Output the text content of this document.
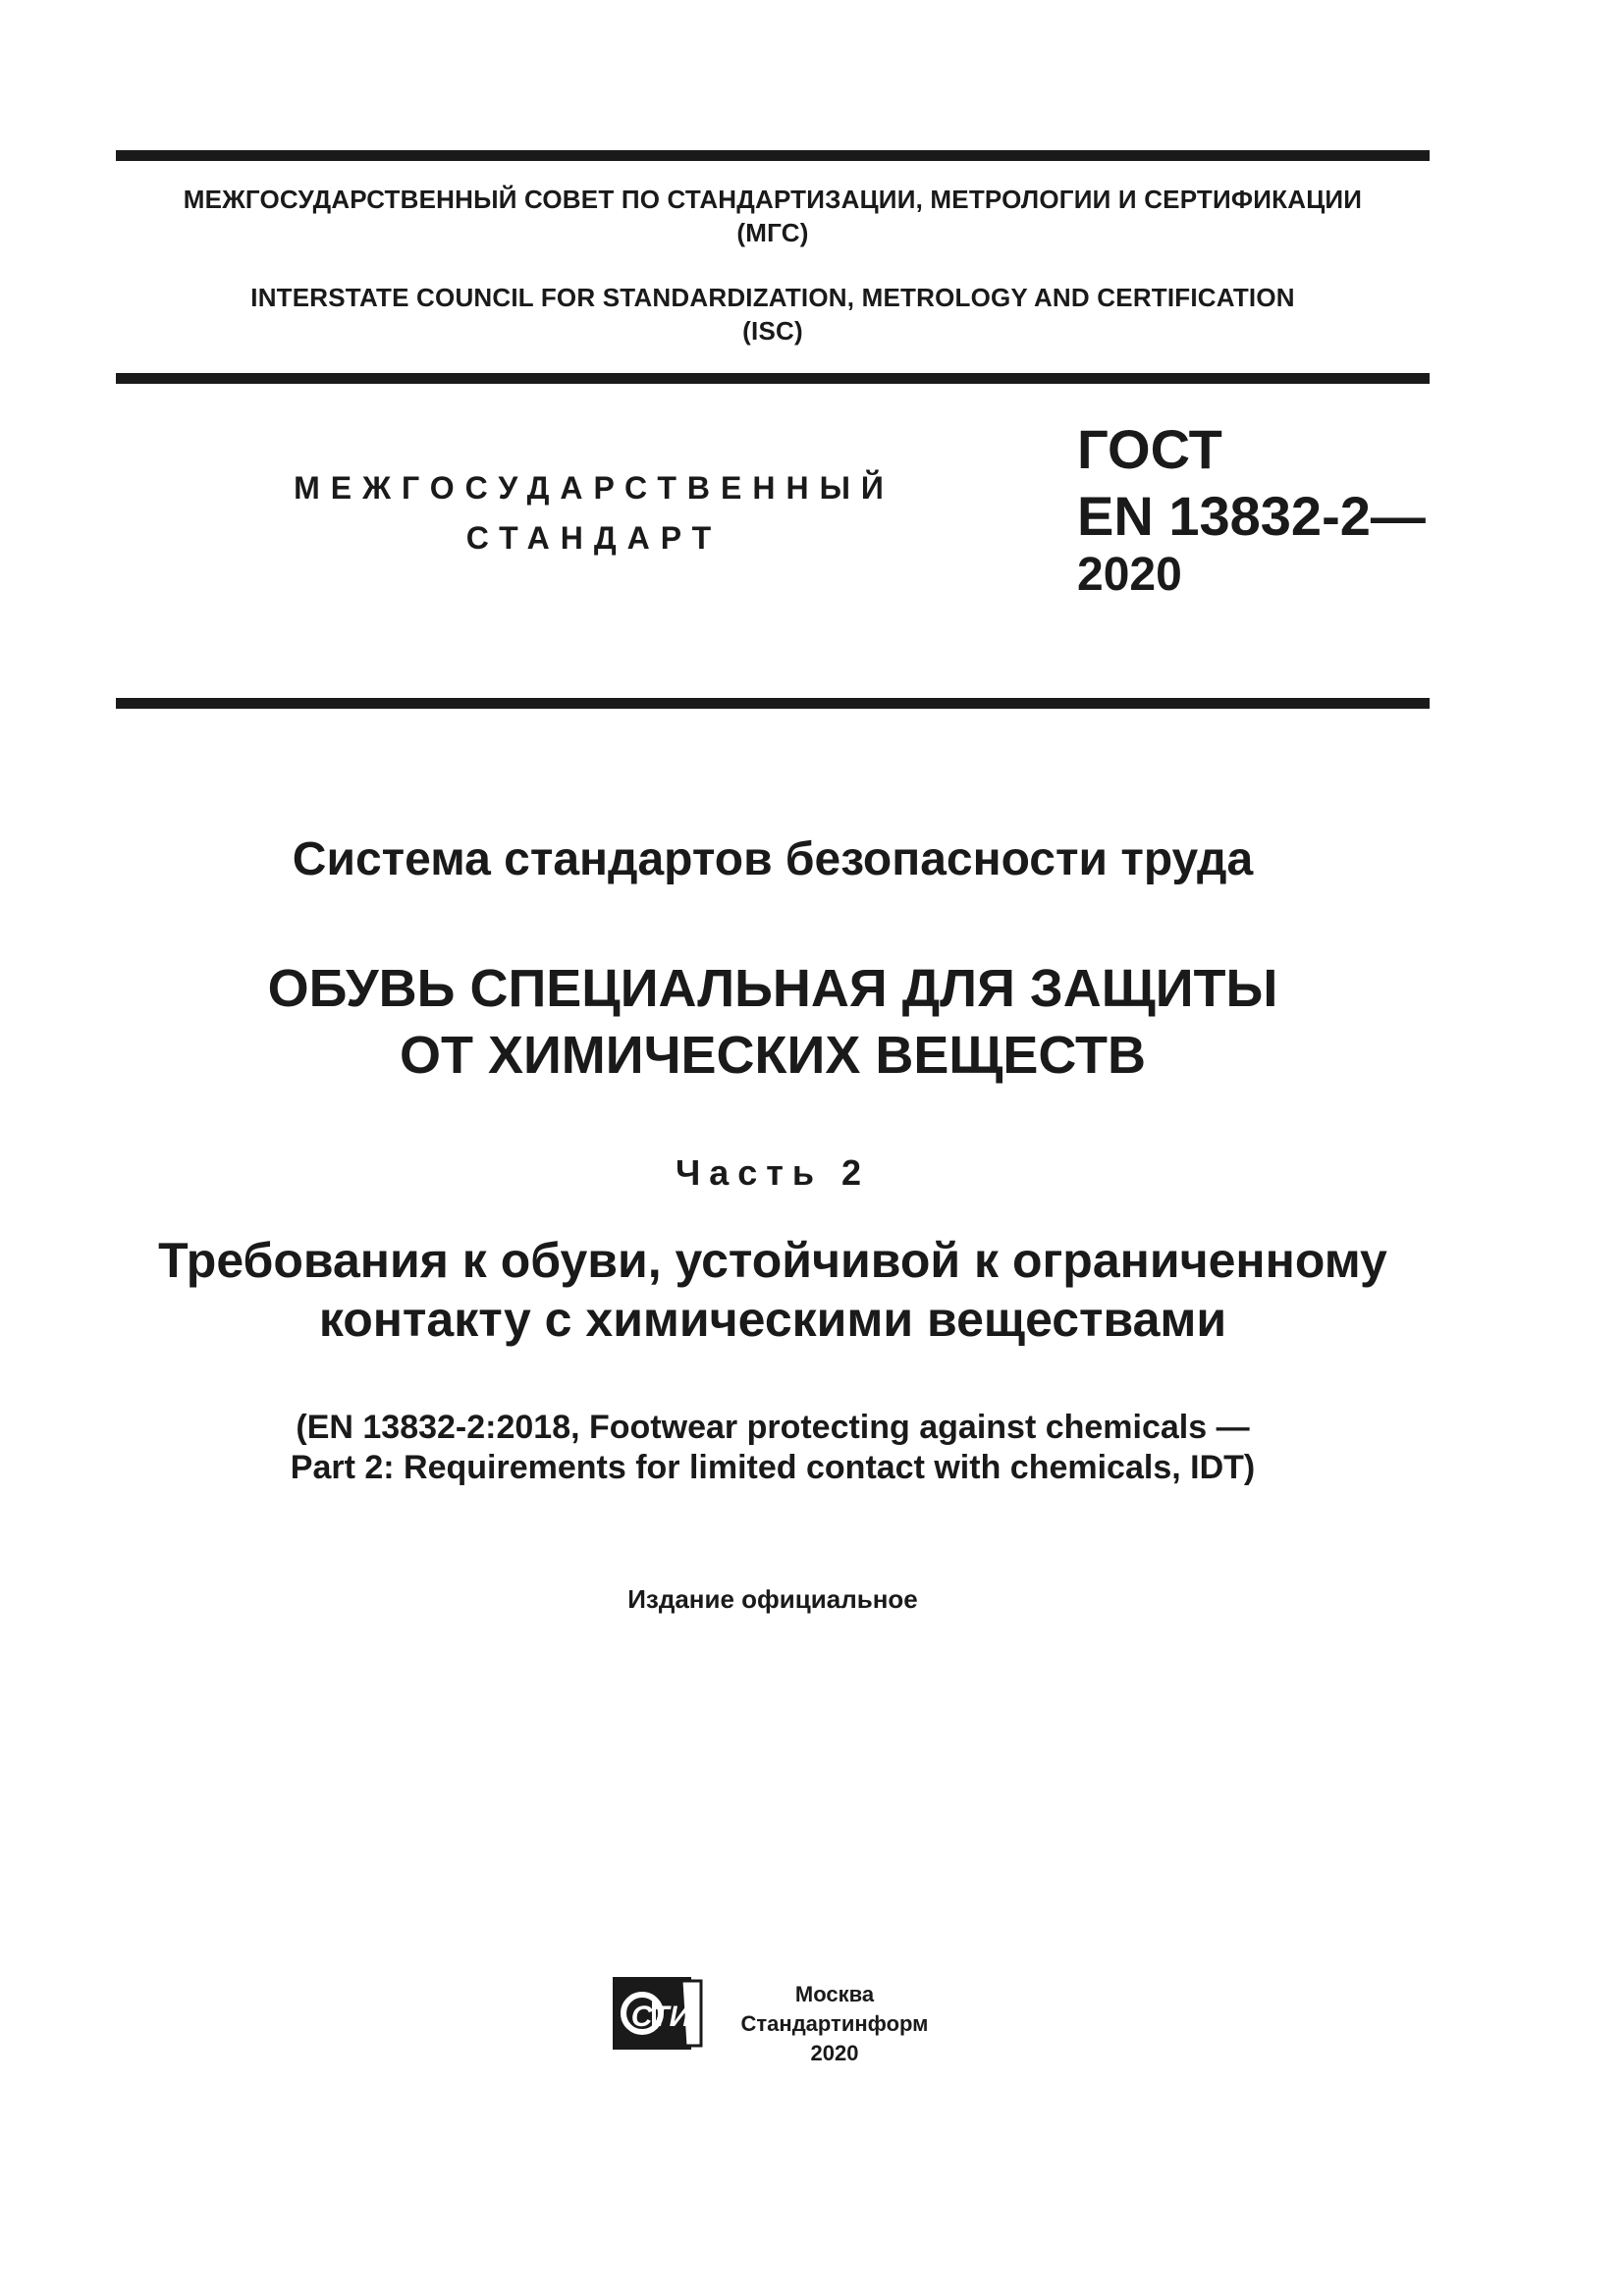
МЕЖГОСУДАРСТВЕННЫЙ СОВЕТ ПО СТАНДАРТИЗАЦИИ, МЕТРОЛОГИИ И СЕРТИФИКАЦИИ
(МГС)
INTERSTATE COUNCIL FOR STANDARDIZATION, METROLOGY AND CERTIFICATION
(ISC)
МЕЖГОСУДАРСТВЕННЫЙ
СТАНДАРТ
ГОСТ
EN 13832-2—
2020
Система стандартов безопасности труда
ОБУВЬ СПЕЦИАЛЬНАЯ ДЛЯ ЗАЩИТЫ
ОТ ХИМИЧЕСКИХ ВЕЩЕСТВ
Часть 2
Требования к обуви, устойчивой к ограниченному
контакту с химическими веществами
(EN 13832-2:2018, Footwear protecting against chemicals —
Part 2: Requirements for limited contact with chemicals, IDT)
Издание официальное
СТИ
Москва
Стандартинформ
2020
